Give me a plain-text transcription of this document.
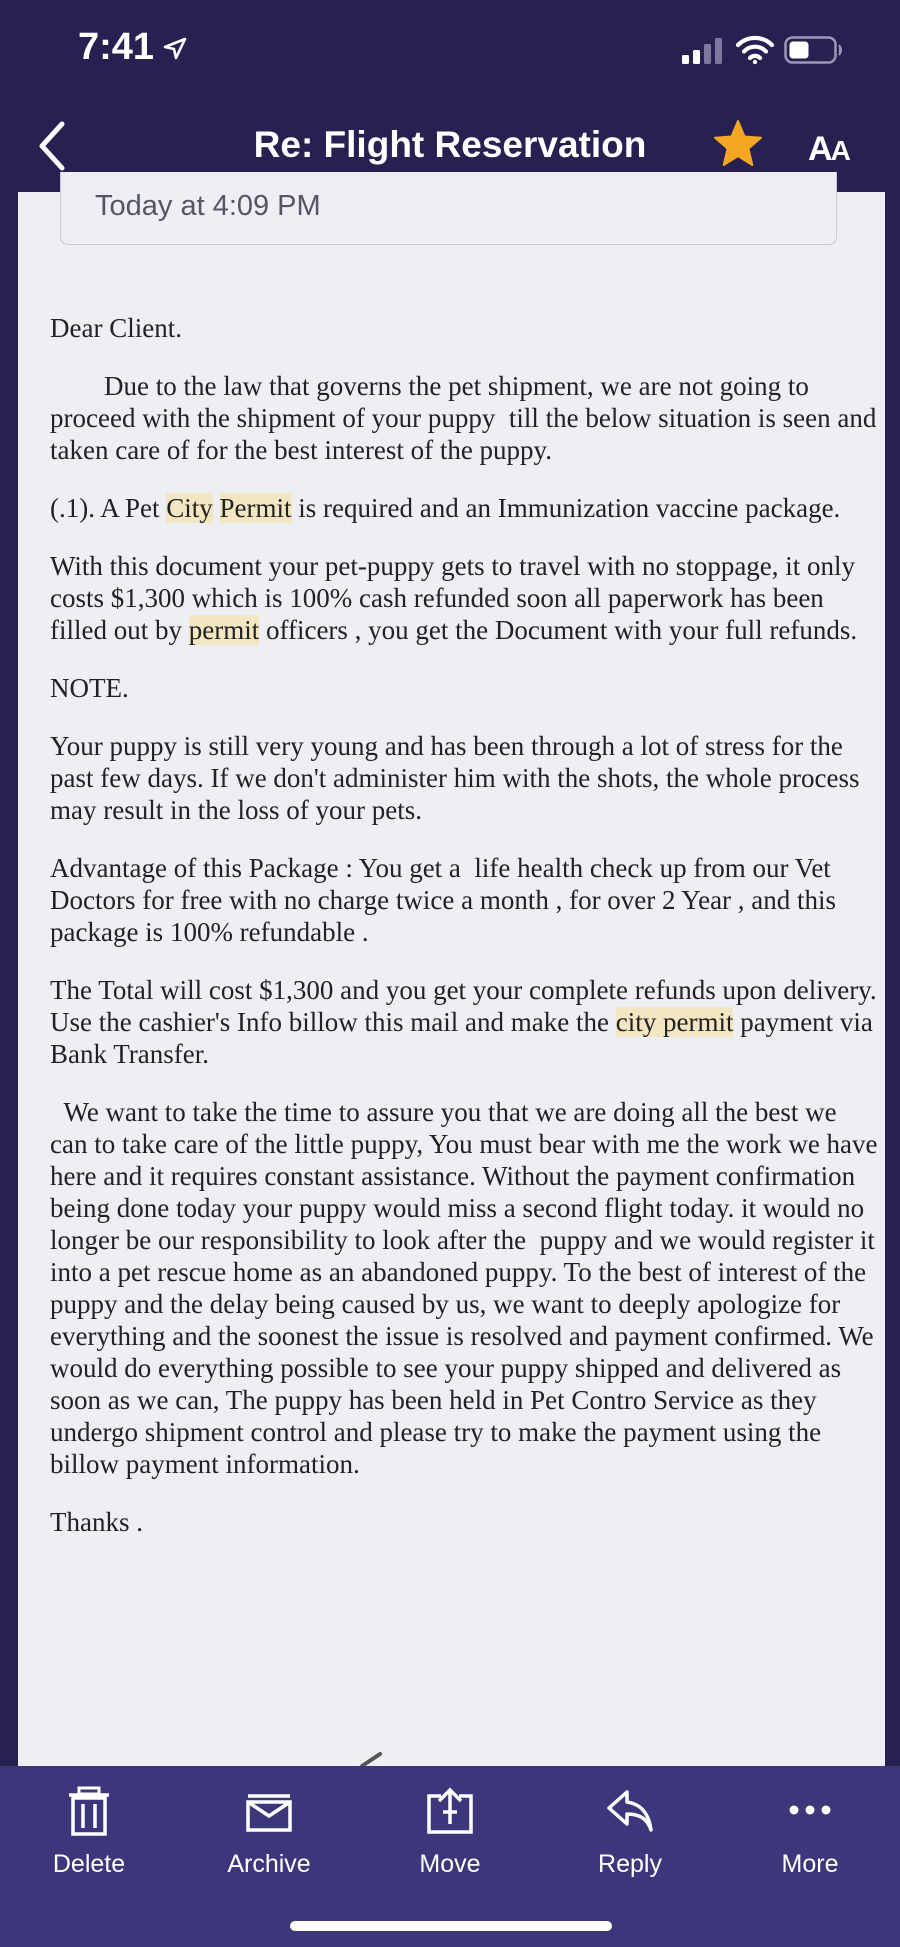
7:41
Re: Flight Reservation	AA
Today at 4:09 PM

Dear Client.

Due to the law that governs the pet shipment, we are not going to proceed with the shipment of your puppy  till the below situation is seen and taken care of for the best interest of the puppy.

(.1). A Pet City Permit is required and an Immunization vaccine package.

With this document your pet-puppy gets to travel with no stoppage, it only costs $1,300 which is 100% cash refunded soon all paperwork has been filled out by permit officers , you get the Document with your full refunds.

NOTE.

Your puppy is still very young and has been through a lot of stress for the past few days. If we don't administer him with the shots, the whole process may result in the loss of your pets.

Advantage of this Package : You get a  life health check up from our Vet Doctors for free with no charge twice a month , for over 2 Year , and this package is 100% refundable .

The Total will cost $1,300 and you get your complete refunds upon delivery. Use the cashier's Info billow this mail and make the city permit payment via  Bank Transfer.

We want to take the time to assure you that we are doing all the best we can to take care of the little puppy, You must bear with me the work we have here and it requires constant assistance. Without the payment confirmation being done today your puppy would miss a second flight today. it would no longer be our responsibility to look after the  puppy and we would register it into a pet rescue home as an abandoned puppy. To the best of interest of the puppy and the delay being caused by us, we want to deeply apologize for everything and the soonest the issue is resolved and payment confirmed. We would do everything possible to see your puppy shipped and delivered as soon as we can, The puppy has been held in Pet Contro Service as they undergo shipment control and please try to make the payment using the  billow payment information.

Thanks .

Delete	Archive	Move	Reply	More
